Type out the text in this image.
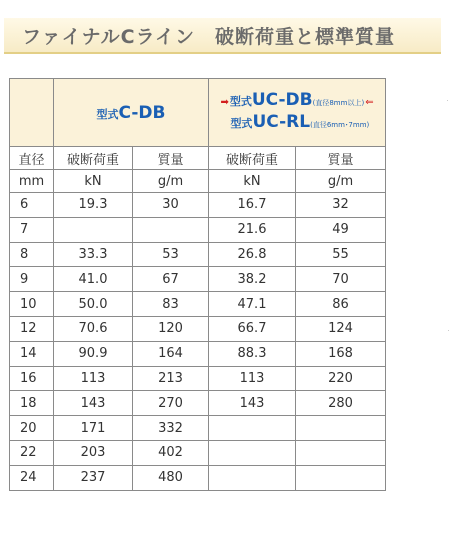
ファイナルCライン　破断荷重と標準質量
	型式C-DB		➡型式UC-DB(直径8mm以上)⇐
型式UC-RL(直径6mm･7mm)	

直径	破断荷重	質量	破断荷重	質量
mm	kN	g/m	kN	g/m
6	19.3	30	16.7	32
7			21.6	49
8	33.3	53	26.8	55
9	41.0	67	38.2	70
10	50.0	83	47.1	86
12	70.6	120	66.7	124
14	90.9	164	88.3	168
16	113	213	113	220
18	143	270	143	280
20	171	332		
22	203	402		
24	237	480		
